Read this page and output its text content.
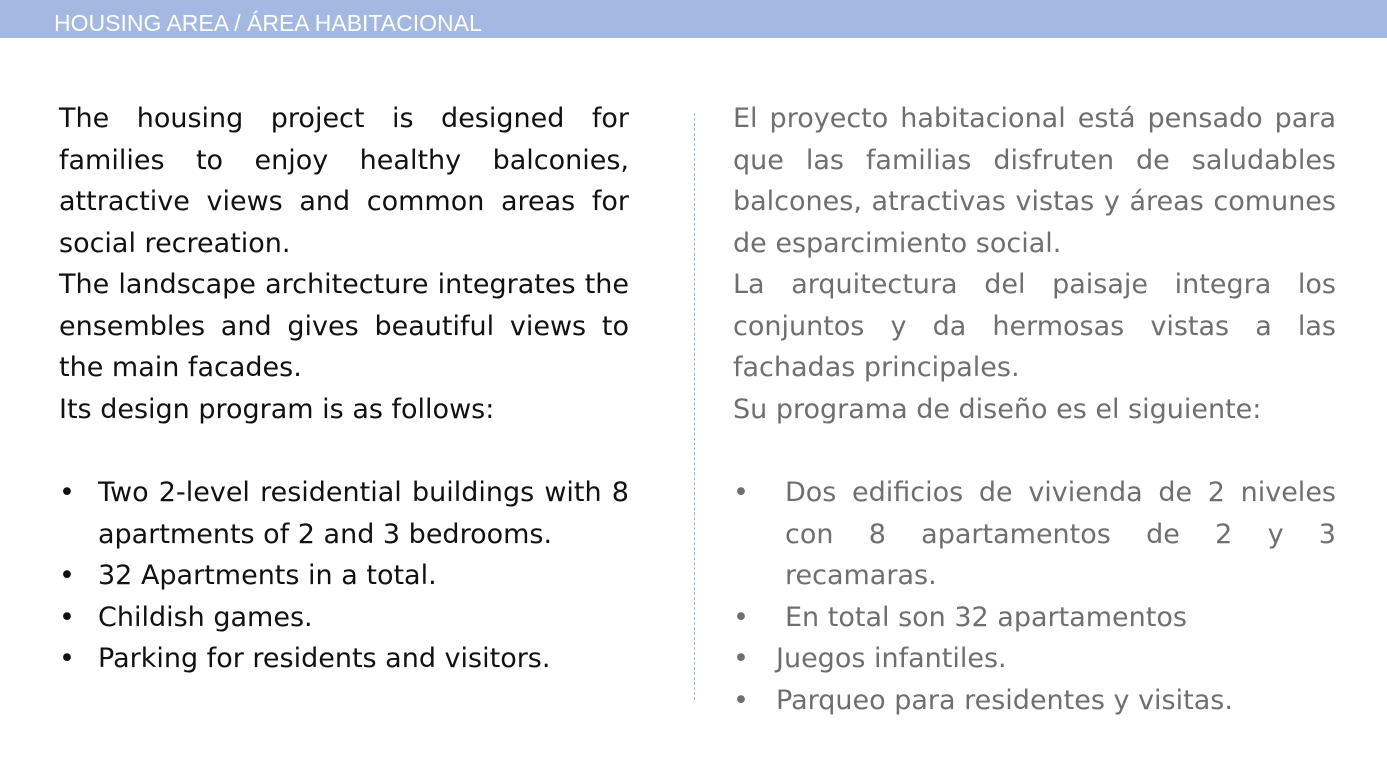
HOUSING AREA / ÁREA HABITACIONAL

The housing project is designed for families to enjoy healthy balconies, attractive views and common areas for social recreation.

The landscape architecture integrates the ensembles and gives beautiful views to the main facades.

Its design program is as follows:

• Two 2-level residential buildings with 8 apartments of 2 and 3 bedrooms.
• 32 Apartments in a total.
• Childish games.
• Parking for residents and visitors.

El proyecto habitacional está pensado para que las familias disfruten de saludables balcones, atractivas vistas y áreas comunes de esparcimiento social.

La arquitectura del paisaje integra los conjuntos y da hermosas vistas a las fachadas principales.

Su programa de diseño es el siguiente:

• Dos edificios de vivienda de 2 niveles con 8 apartamentos de 2 y 3 recamaras.
• En total son 32 apartamentos
• Juegos infantiles.
• Parqueo para residentes y visitas.
